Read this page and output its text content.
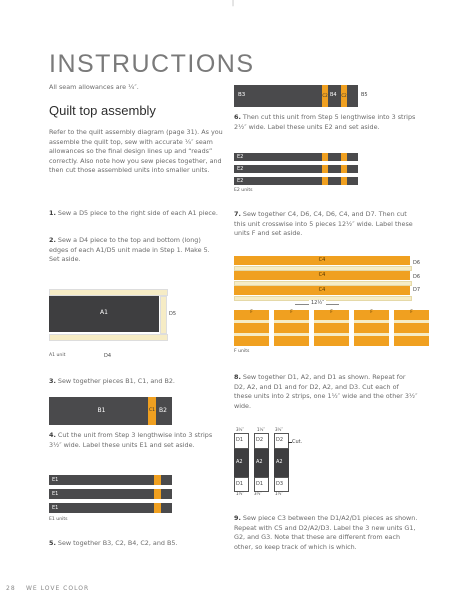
|
INSTRUCTIONS
All seam allowances are ¼″.
Quilt top assembly
Refer to the quilt assembly diagram (page 31). As you assemble the quilt top, sew with accurate ¼″ seam allowances so the final design lines up and “reads” correctly. Also note how you sew pieces together, and then cut those assembled units into smaller units.
1. Sew a D5 piece to the right side of each A1 piece.
2. Sew a D4 piece to the top and bottom (long) edges of each A1/D5 unit made in Step 1. Make 5. Set aside.
A1	D5
D4
A1 unit
3. Sew together pieces B1, C1, and B2.
B1	C1 B2
4. Cut the unit from Step 3 lengthwise into 3 strips 3½″ wide. Label these units E1 and set aside.
E1
E1
E1
E1 units
5. Sew together B3, C2, B4, C2, and B5.
B3	C2 B4 C2	B5
6. Then cut this unit from Step 5 lengthwise into 3 strips 2½″ wide. Label these units E2 and set aside.
E2
E2
E2
E2 units
7. Sew together C4, D6, C4, D6, C4, and D7. Then cut this unit crosswise into 5 pieces 12½″ wide. Label these units F and set aside.
C4
C4
C4
D6
D6
D7
12½″
F	F	F	F	F
F units
8. Sew together D1, A2, and D1 as shown. Repeat for D2, A2, and D1 and for D2, A2, and D3. Cut each of these units into 2 strips, one 1½″ wide and the other 3½″ wide.
3½″	1½″	3½″
D1
A2
D1
D2
A2
D1
D2
A2
D3
Cut.
1½″	3½″	1½″
9. Sew piece C3 between the D1/A2/D1 pieces as shown. Repeat with C5 and D2/A2/D3. Label the 3 new units G1, G2, and G3. Note that these are different from each other, so keep track of which is which.
28 WE LOVE COLOR
